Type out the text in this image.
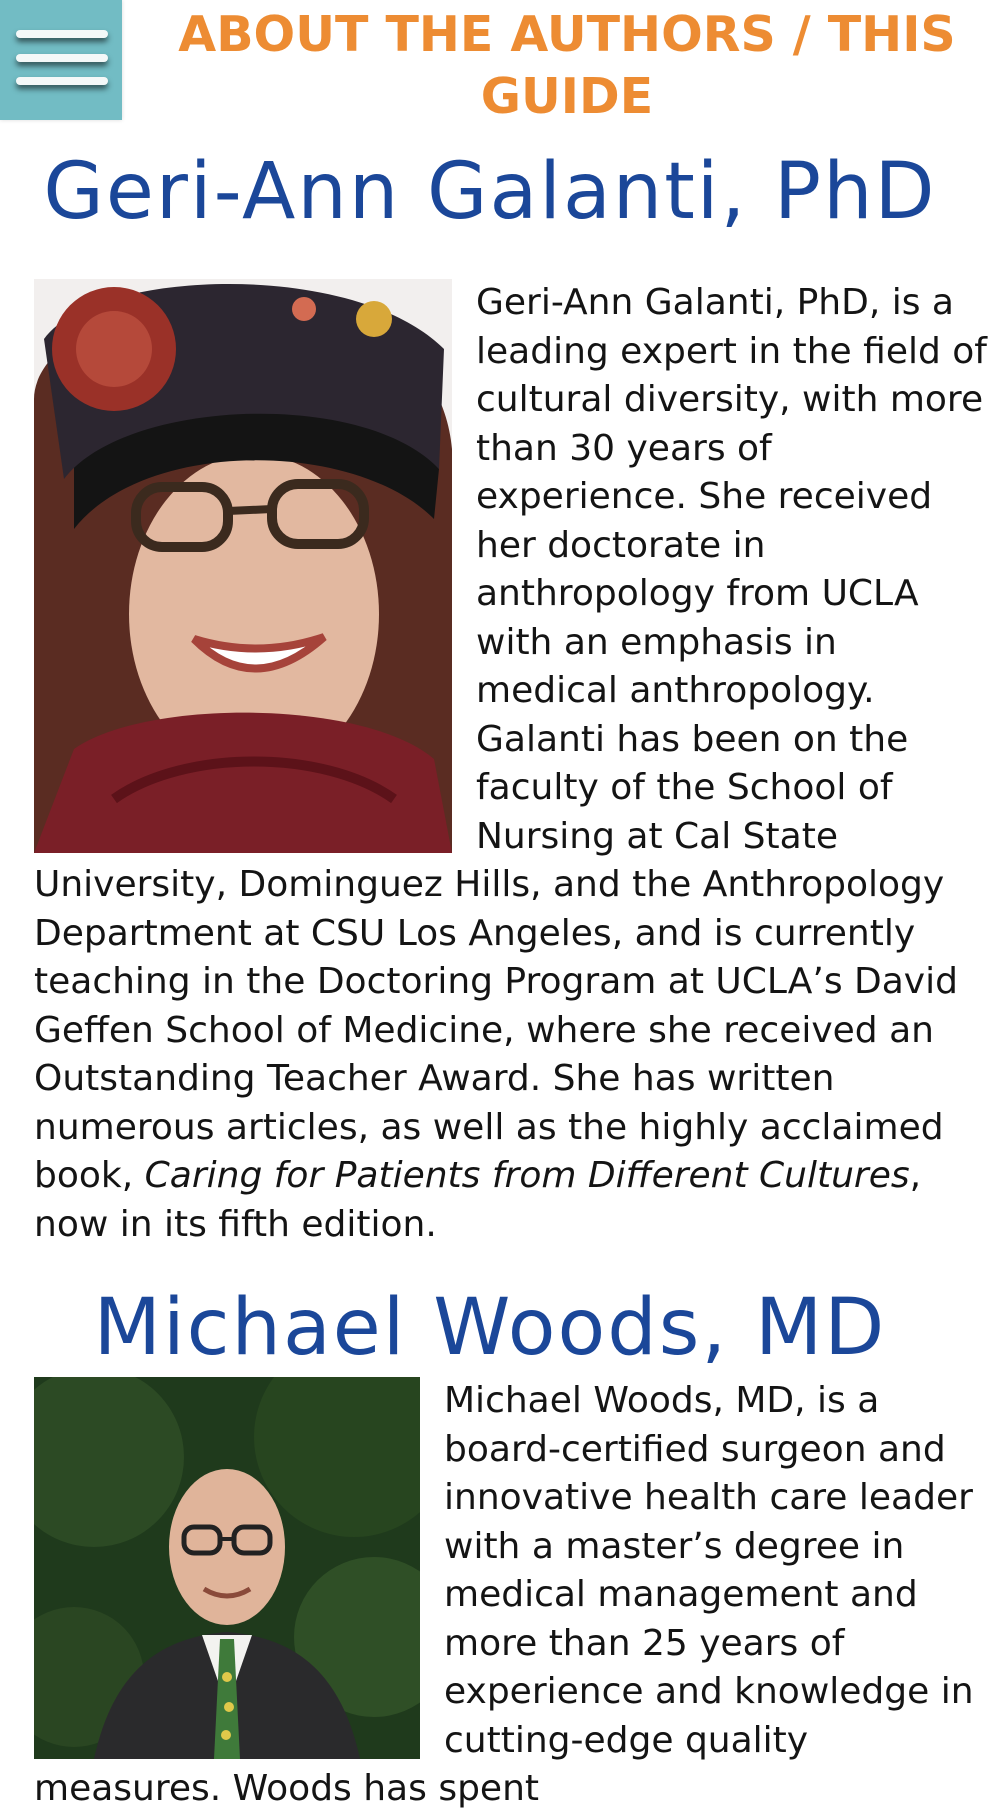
ABOUT THE AUTHORS / THIS GUIDE
Geri-Ann Galanti, PhD

Geri-Ann Galanti, PhD, is a leading expert in the field of cultural diversity, with more than 30 years of experience. She received her doctorate in anthropology from UCLA with an emphasis in medical anthropology. Galanti has been on the faculty of the School of Nursing at Cal State University, Dominguez Hills, and the Anthropology Department at CSU Los Angeles, and is currently teaching in the Doctoring Program at UCLA’s David Geffen School of Medicine, where she received an Outstanding Teacher Award. She has written numerous articles, as well as the highly acclaimed book, Caring for Patients from Different Cultures, now in its fifth edition.

Michael Woods, MD

Michael Woods, MD, is a board-certified surgeon and innovative health care leader with a master’s degree in medical management and more than 25 years of experience and knowledge in cutting-edge quality measures. Woods has spent
